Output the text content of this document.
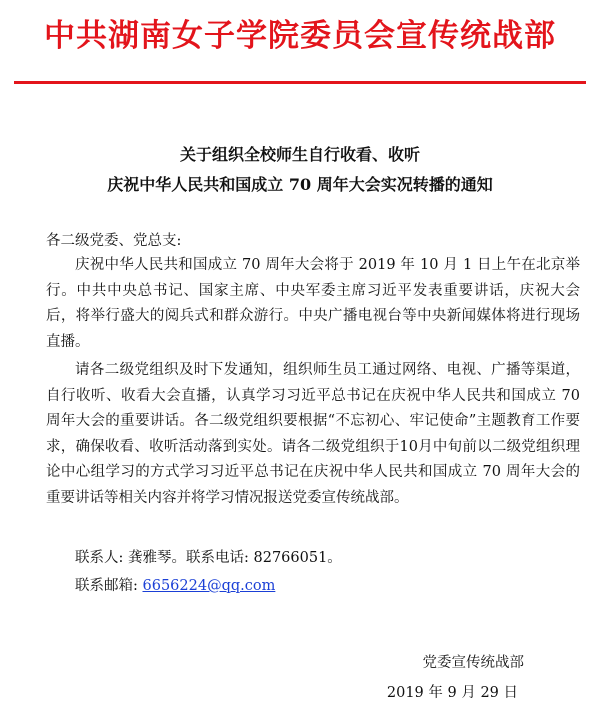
中共湖南女子学院委员会宣传统战部
关于组织全校师生自行收看、收听
庆祝中华人民共和国成立 70 周年大会实况转播的通知
各二级党委、党总支:
庆祝中华人民共和国成立 70 周年大会将于 2019 年 10 月 1 日上午在北京举行。中共中央总书记、国家主席、中央军委主席习近平发表重要讲话，庆祝大会后，将举行盛大的阅兵式和群众游行。中央广播电视台等中央新闻媒体将进行现场直播。
请各二级党组织及时下发通知，组织师生员工通过网络、电视、广播等渠道，自行收听、收看大会直播，认真学习习近平总书记在庆祝中华人民共和国成立 70 周年大会的重要讲话。各二级党组织要根据“不忘初心、牢记使命”主题教育工作要求，确保收看、收听活动落到实处。请各二级党组织于10月中旬前以二级党组织理论中心组学习的方式学习习近平总书记在庆祝中华人民共和国成立 70 周年大会的重要讲话等相关内容并将学习情况报送党委宣传统战部。
联系人: 龚雅琴。联系电话: 82766051。
联系邮箱: 6656224@qq.com
党委宣传统战部
2019 年 9 月 29 日
